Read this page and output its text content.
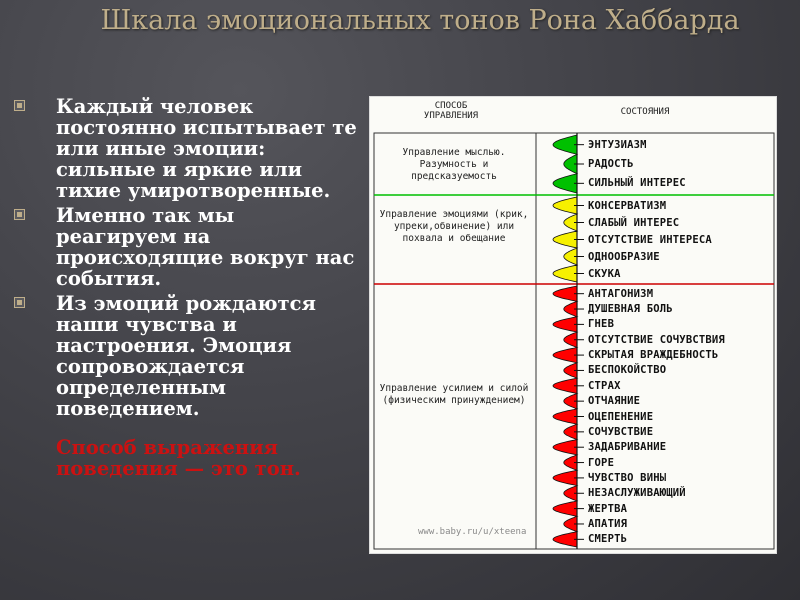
Шкала эмоциональных тонов Рона Хаббарда
Каждый человек постоянно испытывает те или иные эмоции: сильные и яркие или тихие умиротворенные.
Именно так мы реагируем на происходящие вокруг нас события.
Из эмоций рождаются наши чувства и настроения. Эмоция сопровождается определенным поведением.
Способ выражения поведения — это тон.
СПОСОБ УПРАВЛЕНИЯ	СОСТОЯНИЯ
Управление мыслью. Разумность и предсказуемость
Управление эмоциями (крик, упреки,обвинение) или похвала и обещание
Управление усилием и силой (физическим принуждением)
ЭНТУЗИАЗМ
РАДОСТЬ
СИЛЬНЫЙ ИНТЕРЕС
КОНСЕРВАТИЗМ
СЛАБЫЙ ИНТЕРЕС
ОТСУТСТВИЕ ИНТЕРЕСА
ОДНООБРАЗИЕ
СКУКА
АНТАГОНИЗМ
ДУШЕВНАЯ БОЛЬ
ГНЕВ
ОТСУТСТВИЕ СОЧУВСТВИЯ
СКРЫТАЯ ВРАЖДЕБНОСТЬ
БЕСПОКОЙСТВО
СТРАХ
ОТЧАЯНИЕ
ОЦЕПЕНЕНИЕ
СОЧУВСТВИЕ
ЗАДАБРИВАНИЕ
ГОРЕ
ЧУВСТВО ВИНЫ
НЕЗАСЛУЖИВАЮЩИЙ
ЖЕРТВА
АПАТИЯ
СМЕРТЬ
www.baby.ru/u/xteena
